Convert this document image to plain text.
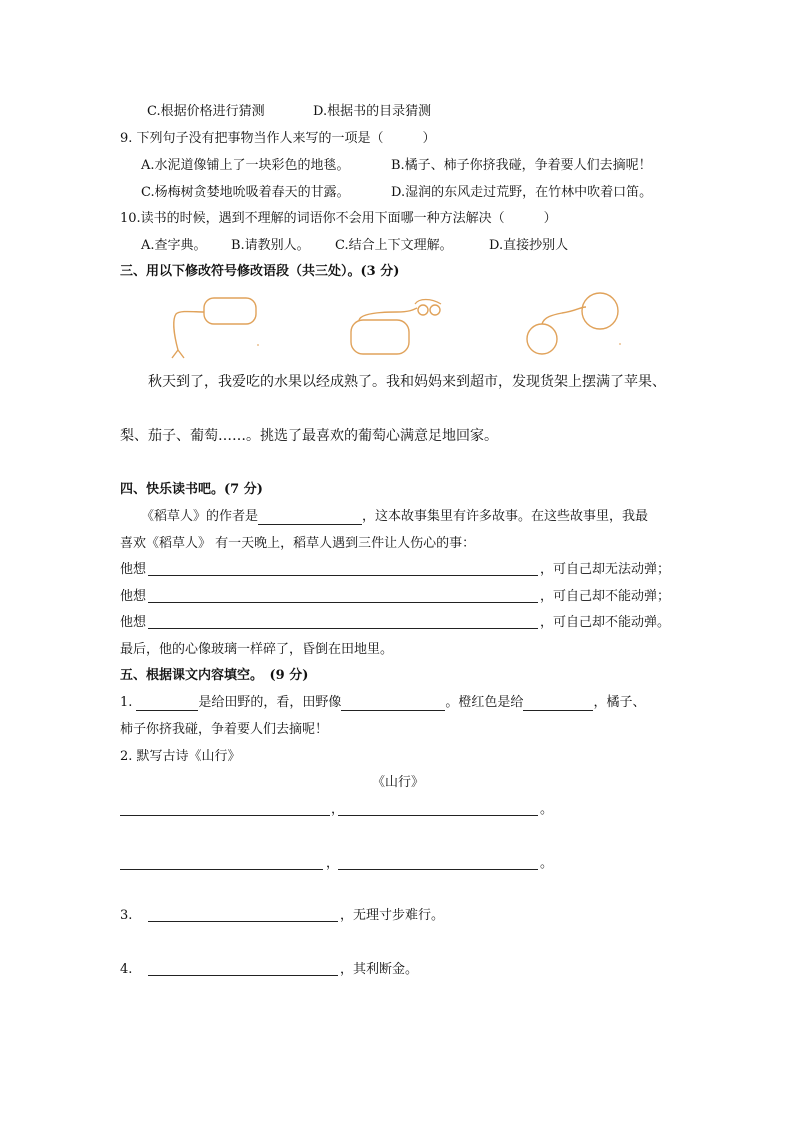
C.根据价格进行猜测	D.根据书的目录猜测
9. 下列句子没有把事物当作人来写的一项是（　　　）
A.水泥道像铺上了一块彩色的地毯。	B.橘子、柿子你挤我碰，争着要人们去摘呢！
C.杨梅树贪婪地吮吸着春天的甘露。	D.湿润的东风走过荒野，在竹林中吹着口笛。
10.读书的时候，遇到不理解的词语你不会用下面哪一种方法解决（　　　）
A.查字典。 B.请教别人。 C.结合上下文理解。	D.直接抄别人
三、用以下修改符号修改语段（共三处）。(3 分)
秋天到了，我爱吃的水果以经成熟了。我和妈妈来到超市，发现货架上摆满了苹果、
梨、茄子、葡萄……。挑选了最喜欢的葡萄心满意足地回家。
四、快乐读书吧。(7 分)
《稻草人》的作者是	，这本故事集里有许多故事。在这些故事里，我最
喜欢《稻草人》 有一天晚上，稻草人遇到三件让人伤心的事：
他想	，可自己却无法动弹；
他想	，可自己却不能动弹；
他想	，可自己却不能动弹。
最后，他的心像玻璃一样碎了，昏倒在田地里。
五、根据课文内容填空。　(9 分)
1.	是给田野的，看，田野像	。橙红色是给	，橘子、
柿子你挤我碰，争着要人们去摘呢！
2. 默写古诗《山行》
《山行》
，	。
，	。
3.	，无理寸步难行。
4.	，其利断金。
